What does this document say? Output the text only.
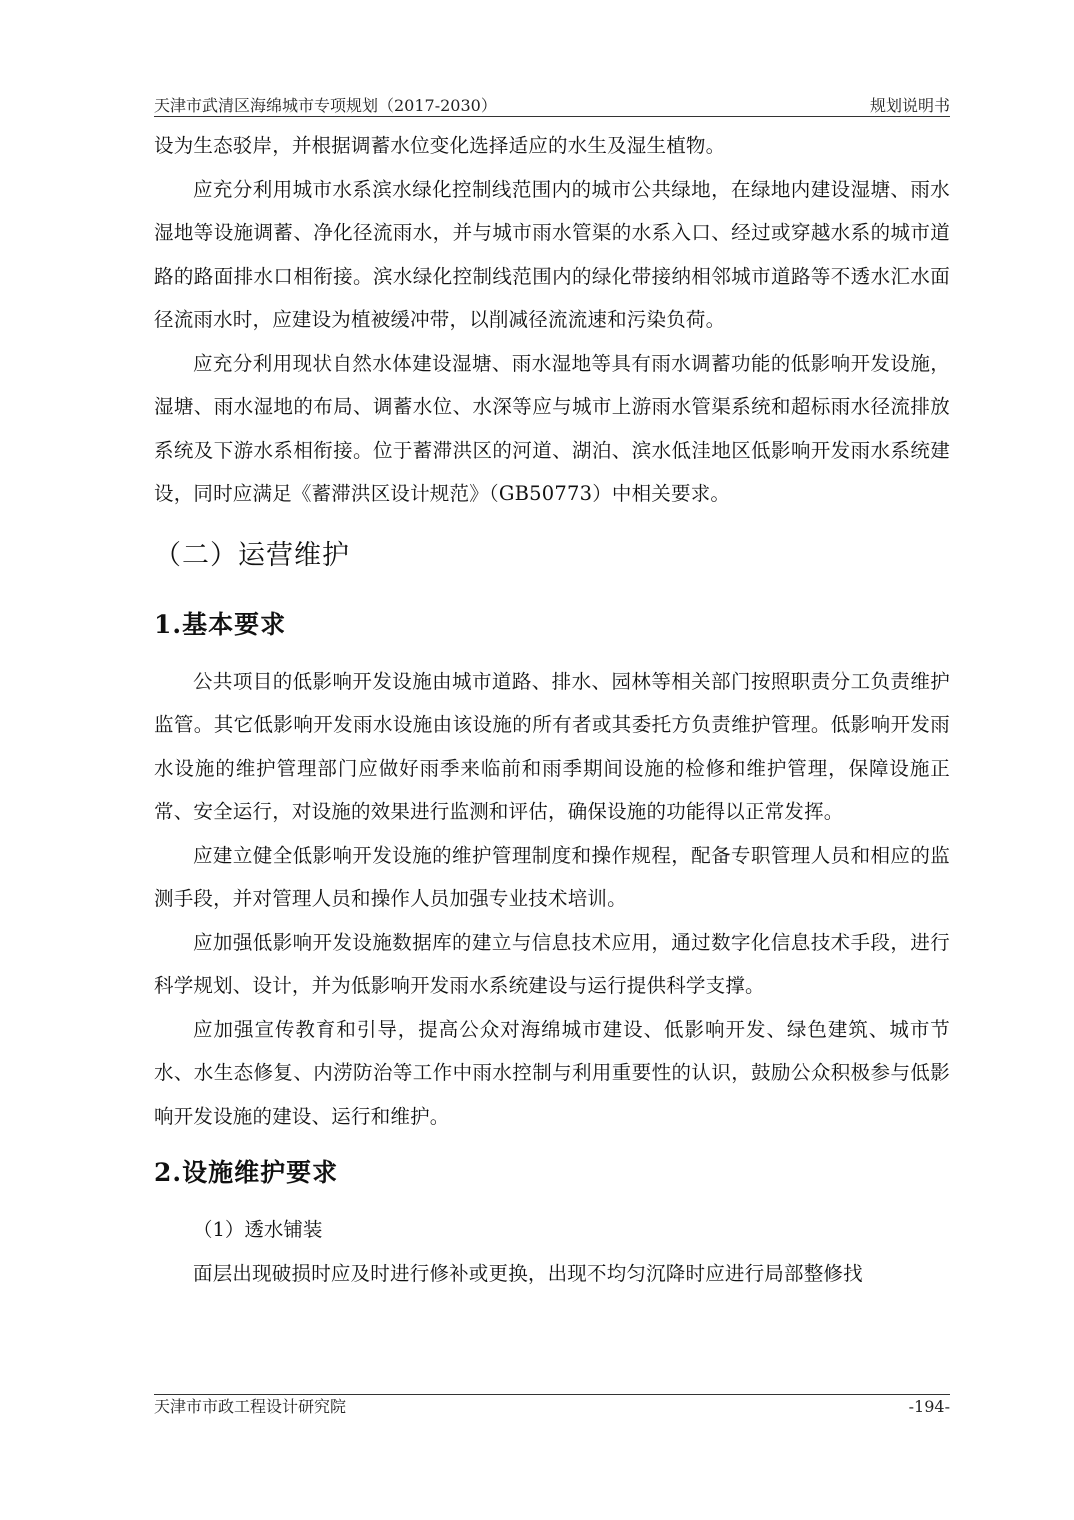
天津市武清区海绵城市专项规划（2017-2030）	规划说明书

设为生态驳岸，并根据调蓄水位变化选择适应的水生及湿生植物。

应充分利用城市水系滨水绿化控制线范围内的城市公共绿地，在绿地内建设湿塘、雨水湿地等设施调蓄、净化径流雨水，并与城市雨水管渠的水系入口、经过或穿越水系的城市道路的路面排水口相衔接。滨水绿化控制线范围内的绿化带接纳相邻城市道路等不透水汇水面径流雨水时，应建设为植被缓冲带，以削减径流流速和污染负荷。

应充分利用现状自然水体建设湿塘、雨水湿地等具有雨水调蓄功能的低影响开发设施，湿塘、雨水湿地的布局、调蓄水位、水深等应与城市上游雨水管渠系统和超标雨水径流排放系统及下游水系相衔接。位于蓄滞洪区的河道、湖泊、滨水低洼地区低影响开发雨水系统建设，同时应满足《蓄滞洪区设计规范》（GB50773）中相关要求。

（二）运营维护
1.基本要求

公共项目的低影响开发设施由城市道路、排水、园林等相关部门按照职责分工负责维护监管。其它低影响开发雨水设施由该设施的所有者或其委托方负责维护管理。低影响开发雨水设施的维护管理部门应做好雨季来临前和雨季期间设施的检修和维护管理，保障设施正常、安全运行，对设施的效果进行监测和评估，确保设施的功能得以正常发挥。

应建立健全低影响开发设施的维护管理制度和操作规程，配备专职管理人员和相应的监测手段，并对管理人员和操作人员加强专业技术培训。

应加强低影响开发设施数据库的建立与信息技术应用，通过数字化信息技术手段，进行科学规划、设计，并为低影响开发雨水系统建设与运行提供科学支撑。

应加强宣传教育和引导，提高公众对海绵城市建设、低影响开发、绿色建筑、城市节水、水生态修复、内涝防治等工作中雨水控制与利用重要性的认识，鼓励公众积极参与低影响开发设施的建设、运行和维护。

2.设施维护要求

（1）透水铺装

面层出现破损时应及时进行修补或更换，出现不均匀沉降时应进行局部整修找

天津市市政工程设计研究院	-194-
